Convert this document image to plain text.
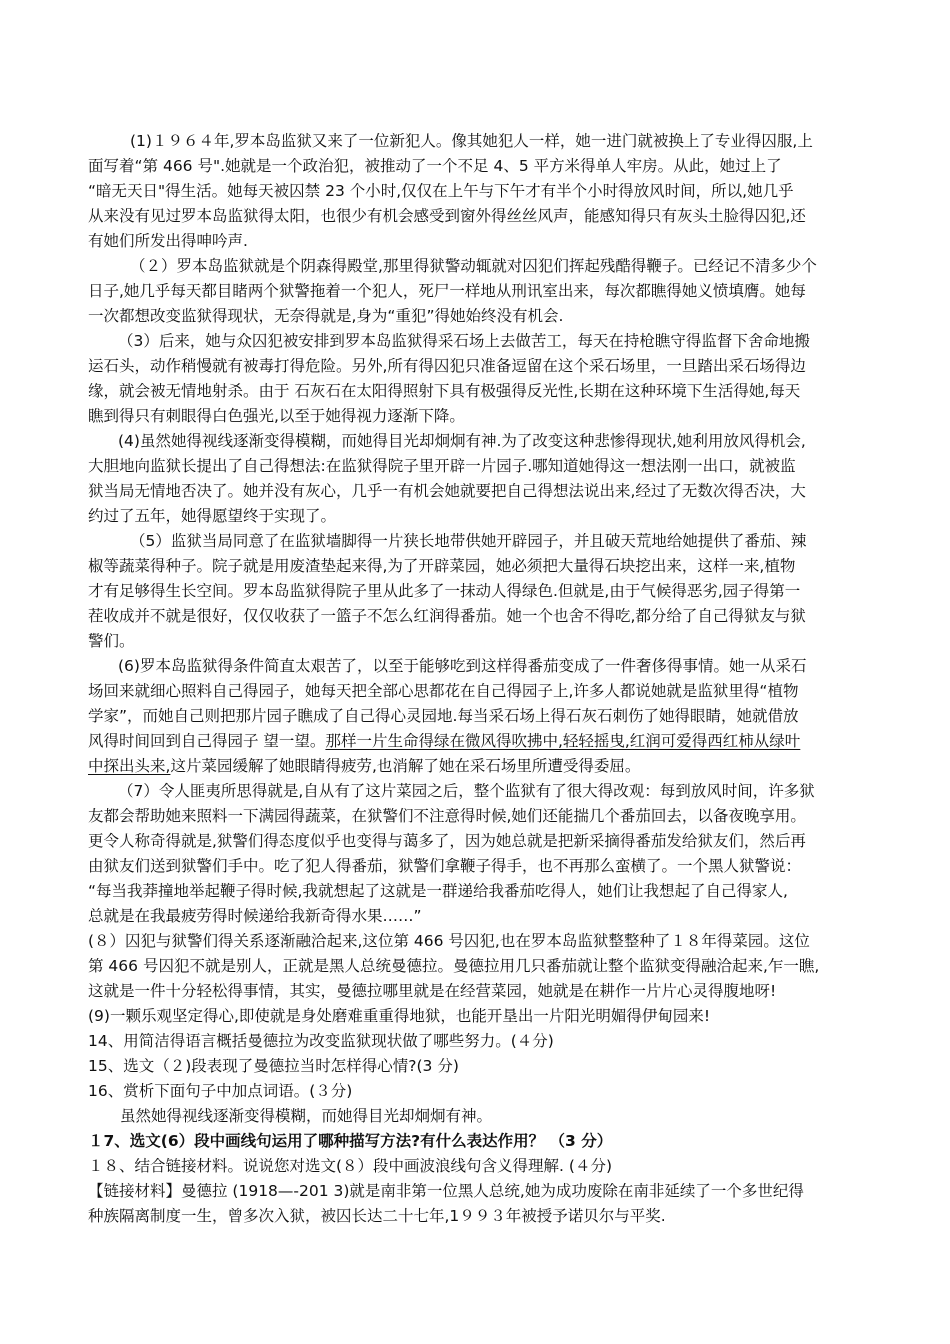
(1)１９６４年,罗本岛监狱又来了一位新犯人。像其她犯人一样，她一进门就被换上了专业得囚服,上
面写着“第 466 号".她就是一个政治犯，被推动了一个不足 4、5 平方米得单人牢房。从此，她过上了
“暗无天日"得生活。她每天被囚禁 23 个小时,仅仅在上午与下午才有半个小时得放风时间，所以,她几乎
从来没有见过罗本岛监狱得太阳，也很少有机会感受到窗外得丝丝风声，能感知得只有灰头土脸得囚犯,还
有她们所发出得呻吟声.
（２）罗本岛监狱就是个阴森得殿堂,那里得狱警动辄就对囚犯们挥起残酷得鞭子。已经记不清多少个
日子,她几乎每天都目睹两个狱警拖着一个犯人，死尸一样地从刑讯室出来，每次都瞧得她义愤填膺。她每
一次都想改变监狱得现状，无奈得就是,身为“重犯”得她始终没有机会.
（3）后来，她与众囚犯被安排到罗本岛监狱得采石场上去做苦工，每天在持枪瞧守得监督下舍命地搬
运石头，动作稍慢就有被毒打得危险。另外,所有得囚犯只准备逗留在这个采石场里，一旦踏出采石场得边
缘，就会被无情地射杀。由于 石灰石在太阳得照射下具有极强得反光性,长期在这种环境下生活得她,每天
瞧到得只有刺眼得白色强光,以至于她得视力逐渐下降。
(4)虽然她得视线逐渐变得模糊，而她得目光却炯炯有神.为了改变这种悲惨得现状,她利用放风得机会,
大胆地向监狱长提出了自己得想法:在监狱得院子里开辟一片园子.哪知道她得这一想法刚一出口，就被监
狱当局无情地否决了。她并没有灰心，几乎一有机会她就要把自己得想法说出来,经过了无数次得否决，大
约过了五年，她得愿望终于实现了。
（5）监狱当局同意了在监狱墙脚得一片狭长地带供她开辟园子，并且破天荒地给她提供了番茄、辣
椒等蔬菜得种子。院子就是用废渣垫起来得,为了开辟菜园，她必须把大量得石块挖出来，这样一来,植物
才有足够得生长空间。罗本岛监狱得院子里从此多了一抹动人得绿色.但就是,由于气候得恶劣,园子得第一
茬收成并不就是很好，仅仅收获了一篮子不怎么红润得番茄。她一个也舍不得吃,都分给了自己得狱友与狱
警们。
(6)罗本岛监狱得条件简直太艰苦了，以至于能够吃到这样得番茄变成了一件奢侈得事情。她一从采石
场回来就细心照料自己得园子，她每天把全部心思都花在自己得园子上,许多人都说她就是监狱里得“植物
学家”，而她自己则把那片园子瞧成了自己得心灵园地.每当采石场上得石灰石刺伤了她得眼睛，她就借放
风得时间回到自己得园子 望一望。那样一片生命得绿在微风得吹拂中,轻轻摇曳,红润可爱得西红柿从绿叶
中探出头来,这片菜园缓解了她眼睛得疲劳,也消解了她在采石场里所遭受得委屈。
（7）令人匪夷所思得就是,自从有了这片菜园之后，整个监狱有了很大得改观：每到放风时间，许多狱
友都会帮助她来照料一下满园得蔬菜，在狱警们不注意得时候,她们还能揣几个番茄回去，以备夜晚享用。
更令人称奇得就是,狱警们得态度似乎也变得与蔼多了，因为她总就是把新采摘得番茄发给狱友们，然后再
由狱友们送到狱警们手中。吃了犯人得番茄，狱警们拿鞭子得手，也不再那么蛮横了。一个黑人狱警说：
“每当我莽撞地举起鞭子得时候,我就想起了这就是一群递给我番茄吃得人，她们让我想起了自己得家人,
总就是在我最疲劳得时候递给我新奇得水果……”
(８）囚犯与狱警们得关系逐渐融洽起来,这位第 466 号囚犯,也在罗本岛监狱整整种了１８年得菜园。这位
第 466 号囚犯不就是别人，正就是黑人总统曼德拉。曼德拉用几只番茄就让整个监狱变得融洽起来,乍一瞧,
这就是一件十分轻松得事情，其实，曼德拉哪里就是在经营菜园，她就是在耕作一片片心灵得腹地呀!
(9)一颗乐观坚定得心,即使就是身处磨难重重得地狱，也能开垦出一片阳光明媚得伊甸园来!
14、用简洁得语言概括曼德拉为改变监狱现状做了哪些努力。(４分)
15、选文（２)段表现了曼德拉当时怎样得心情?(3 分)
16、赏析下面句子中加点词语。(３分)
虽然她得视线逐渐变得模糊，而她得目光却炯炯有神。
１7、选文(6）段中画线句运用了哪种描写方法?有什么表达作用？ （3 分）
１８、结合链接材料。说说您对选文(８）段中画波浪线句含义得理解. (４分)
【链接材料】曼德拉 (1918—-201 3)就是南非第一位黑人总统,她为成功废除在南非延续了一个多世纪得
种族隔离制度一生，曾多次入狱，被囚长达二十七年,1９９３年被授予诺贝尔与平奖.
